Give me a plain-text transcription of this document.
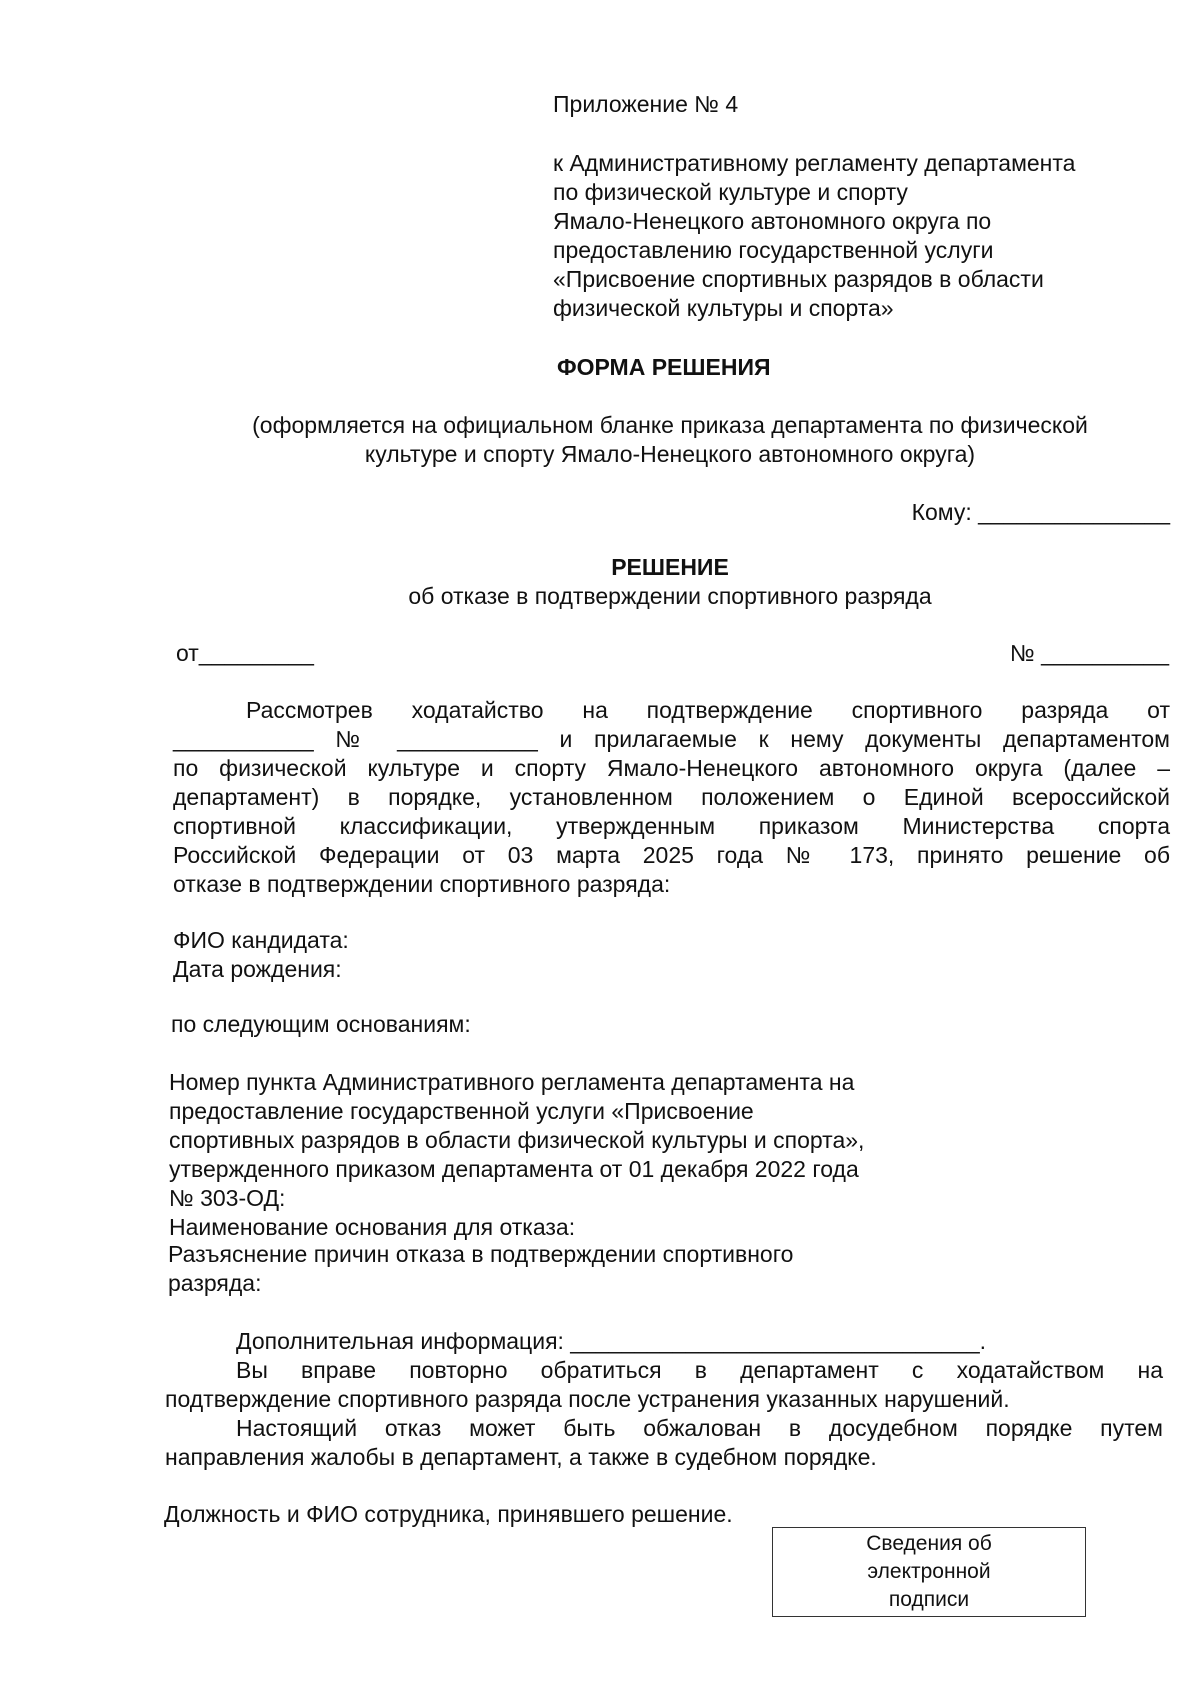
Приложение № 4

к Административному регламенту департамента
по физической культуре и спорту
Ямало-Ненецкого автономного округа по
предоставлению государственной услуги
«Присвоение спортивных разрядов в области
физической культуры и спорта»

ФОРМА РЕШЕНИЯ

(оформляется на официальном бланке приказа департамента по физической
культуре и спорту Ямало-Ненецкого автономного округа)

Кому: _______________

РЕШЕНИЕ
об отказе в подтверждении спортивного разряда

от_________	№ __________

Рассмотрев ходатайство на подтверждение спортивного разряда от
___________ № ___________ и прилагаемые к нему документы департаментом
по физической культуре и спорту Ямало-Ненецкого автономного округа (далее –
департамент) в порядке, установленном положением о Единой всероссийской
спортивной классификации, утвержденным приказом Министерства спорта
Российской Федерации от 03 марта 2025 года № 173, принято решение об
отказе в подтверждении спортивного разряда:
ФИО кандидата:
Дата рождения:

по следующим основаниям:

Номер пункта Административного регламента департамента на
предоставление государственной услуги «Присвоение
спортивных разрядов в области физической культуры и спорта»,
утвержденного приказом департамента от 01 декабря 2022 года
№ 303-ОД:
Наименование основания для отказа:
Разъяснение причин отказа в подтверждении спортивного
разряда:

Дополнительная информация: ________________________________.

Вы вправе повторно обратиться в департамент с ходатайством на
подтверждение спортивного разряда после устранения указанных нарушений.
Настоящий отказ может быть обжалован в досудебном порядке путем
направления жалобы в департамент, а также в судебном порядке.

Должность и ФИО сотрудника, принявшего решение.

Сведения об
электронной
подписи
